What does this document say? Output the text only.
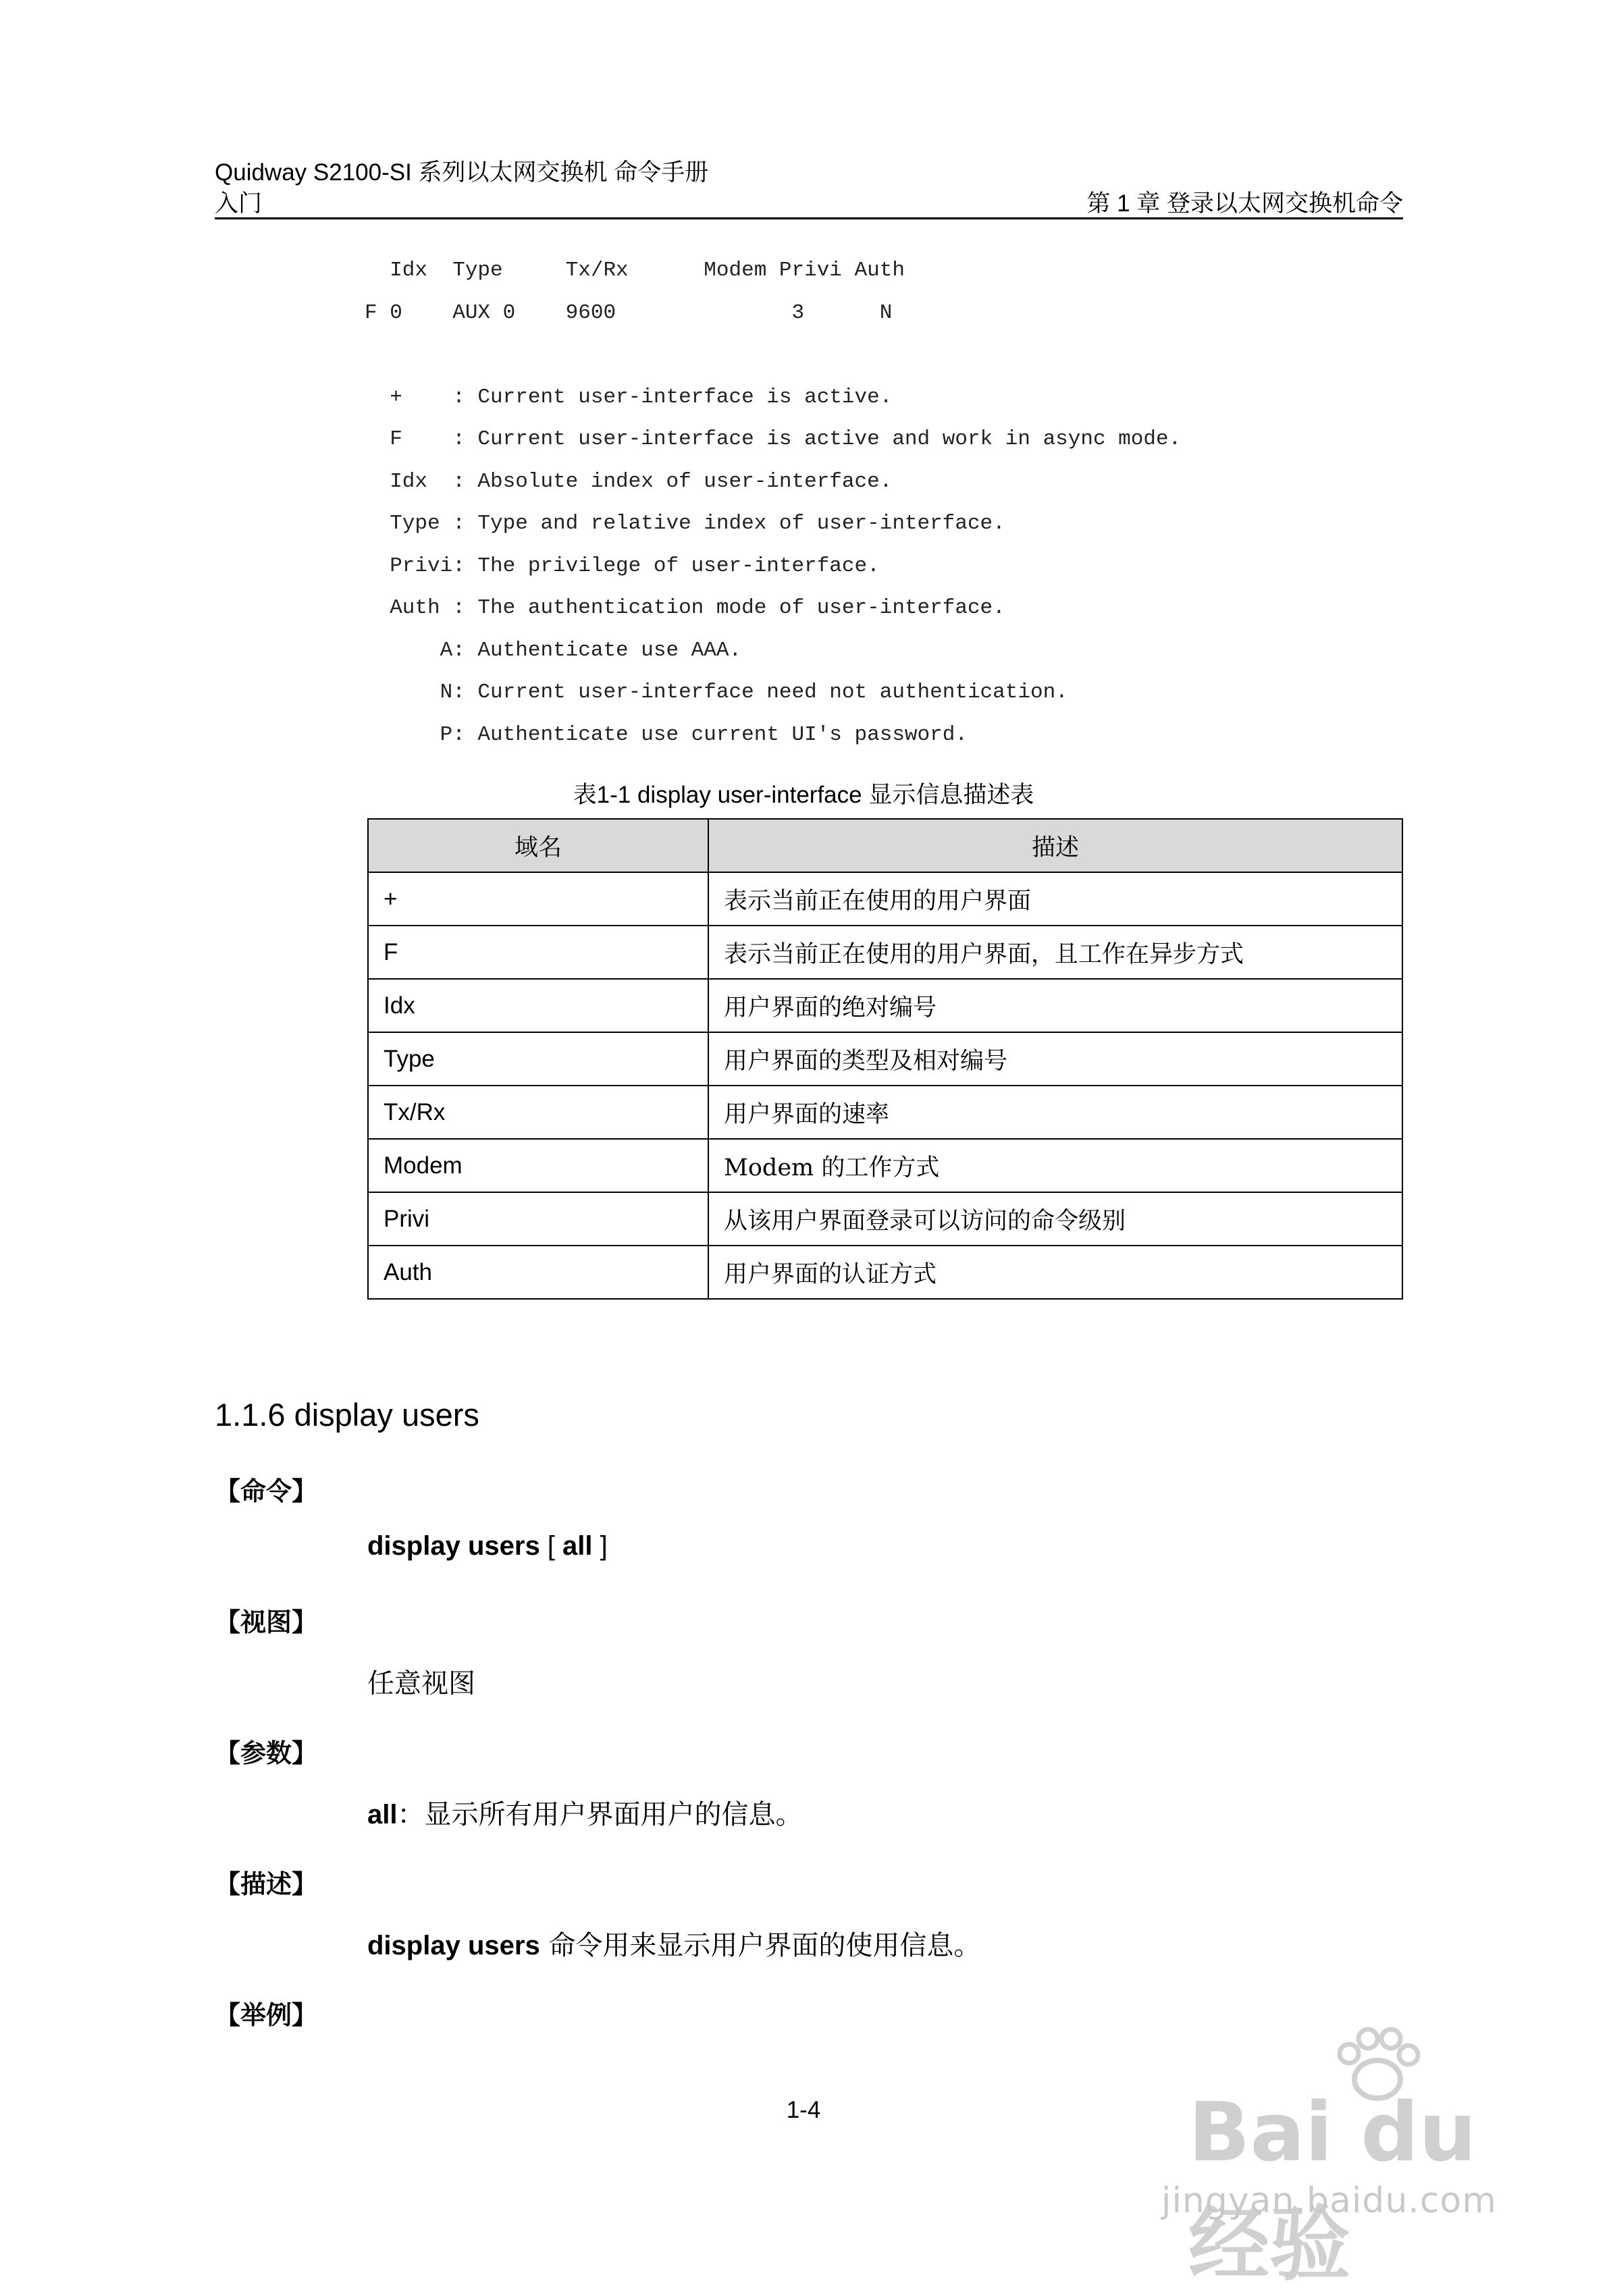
Quidway S2100-SI 系列以太网交换机 命令手册
入门	第 1 章 登录以太网交换机命令
Idx  Type     Tx/Rx      Modem Privi Auth
F 0    AUX 0    9600              3      N

+    : Current user-interface is active.
F    : Current user-interface is active and work in async mode.
Idx  : Absolute index of user-interface.
Type : Type and relative index of user-interface.
Privi: The privilege of user-interface.
Auth : The authentication mode of user-interface.
A: Authenticate use AAA.
N: Current user-interface need not authentication.
P: Authenticate use current UI's password.
表1-1 display user-interface 显示信息描述表
域名	描述
+	表示当前正在使用的用户界面
F	表示当前正在使用的用户界面，且工作在异步方式
Idx	用户界面的绝对编号
Type	用户界面的类型及相对编号
Tx/Rx	用户界面的速率
Modem	Modem 的工作方式
Privi	从该用户界面登录可以访问的命令级别
Auth	用户界面的认证方式
1.1.6 display users
【命令】
display users [ all ]
【视图】
任意视图
【参数】
all：显示所有用户界面用户的信息。
【描述】
display users 命令用来显示用户界面的使用信息。
【举例】
1-4	Bai du 经验
jingyan.baidu.com
